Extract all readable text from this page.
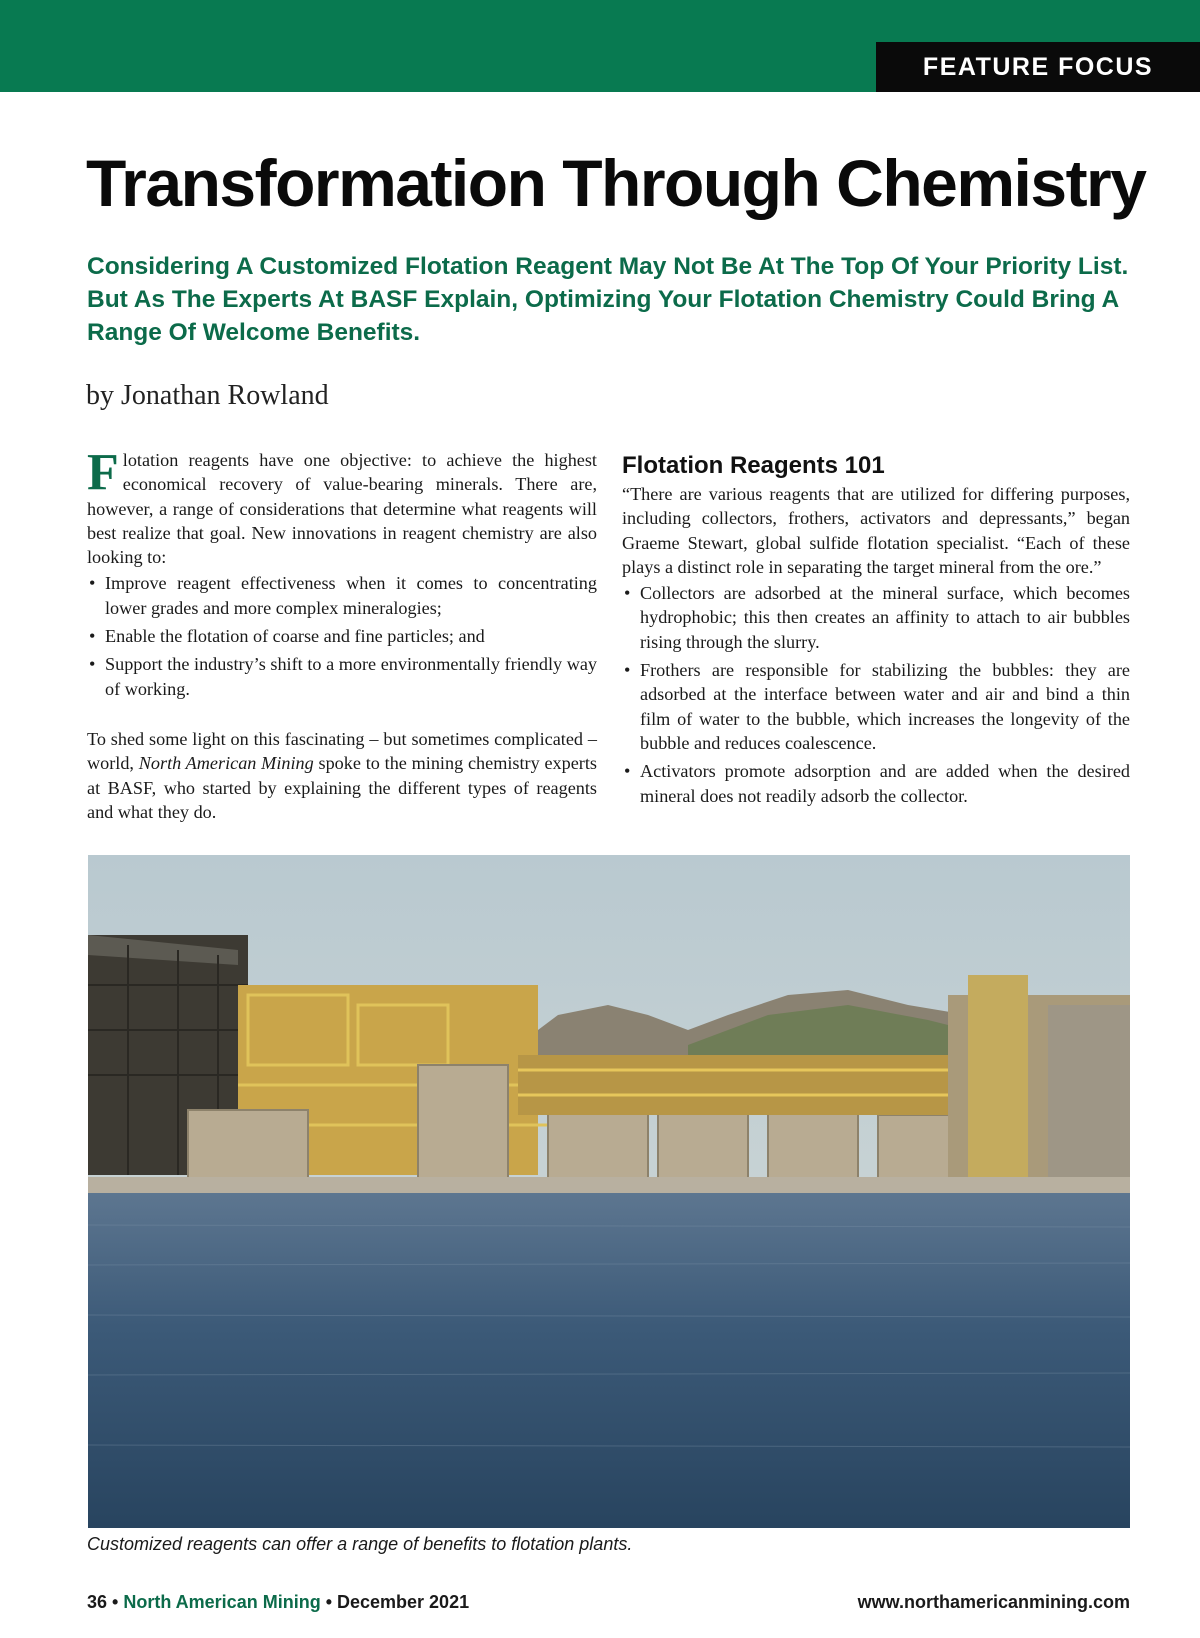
FEATURE FOCUS
Transformation Through Chemistry

Considering A Customized Flotation Reagent May Not Be At The Top Of Your Priority List. But As The Experts At BASF Explain, Optimizing Your Flotation Chemistry Could Bring A Range Of Welcome Benefits.

by Jonathan Rowland

Flotation reagents have one objective: to achieve the highest economical recovery of value-bearing minerals. There are, however, a range of considerations that determine what reagents will best realize that goal. New innovations in reagent chemistry are also looking to:

• Improve reagent effectiveness when it comes to concentrating lower grades and more complex mineralogies;
• Enable the flotation of coarse and fine particles; and
• Support the industry’s shift to a more environmentally friendly way of working.

To shed some light on this fascinating – but sometimes complicated – world, North American Mining spoke to the mining chemistry experts at BASF, who started by explaining the different types of reagents and what they do.

Flotation Reagents 101

“There are various reagents that are utilized for differing purposes, including collectors, frothers, activators and depressants,” began Graeme Stewart, global sulfide flotation specialist. “Each of these plays a distinct role in separating the target mineral from the ore.”

• Collectors are adsorbed at the mineral surface, which becomes hydrophobic; this then creates an affinity to attach to air bubbles rising through the slurry.
• Frothers are responsible for stabilizing the bubbles: they are adsorbed at the interface between water and air and bind a thin film of water to the bubble, which increases the longevity of the bubble and reduces coalescence.
• Activators promote adsorption and are added when the desired mineral does not readily adsorb the collector.
Customized reagents can offer a range of benefits to flotation plants.
36 • North American Mining • December 2021	www.northamericanmining.com
